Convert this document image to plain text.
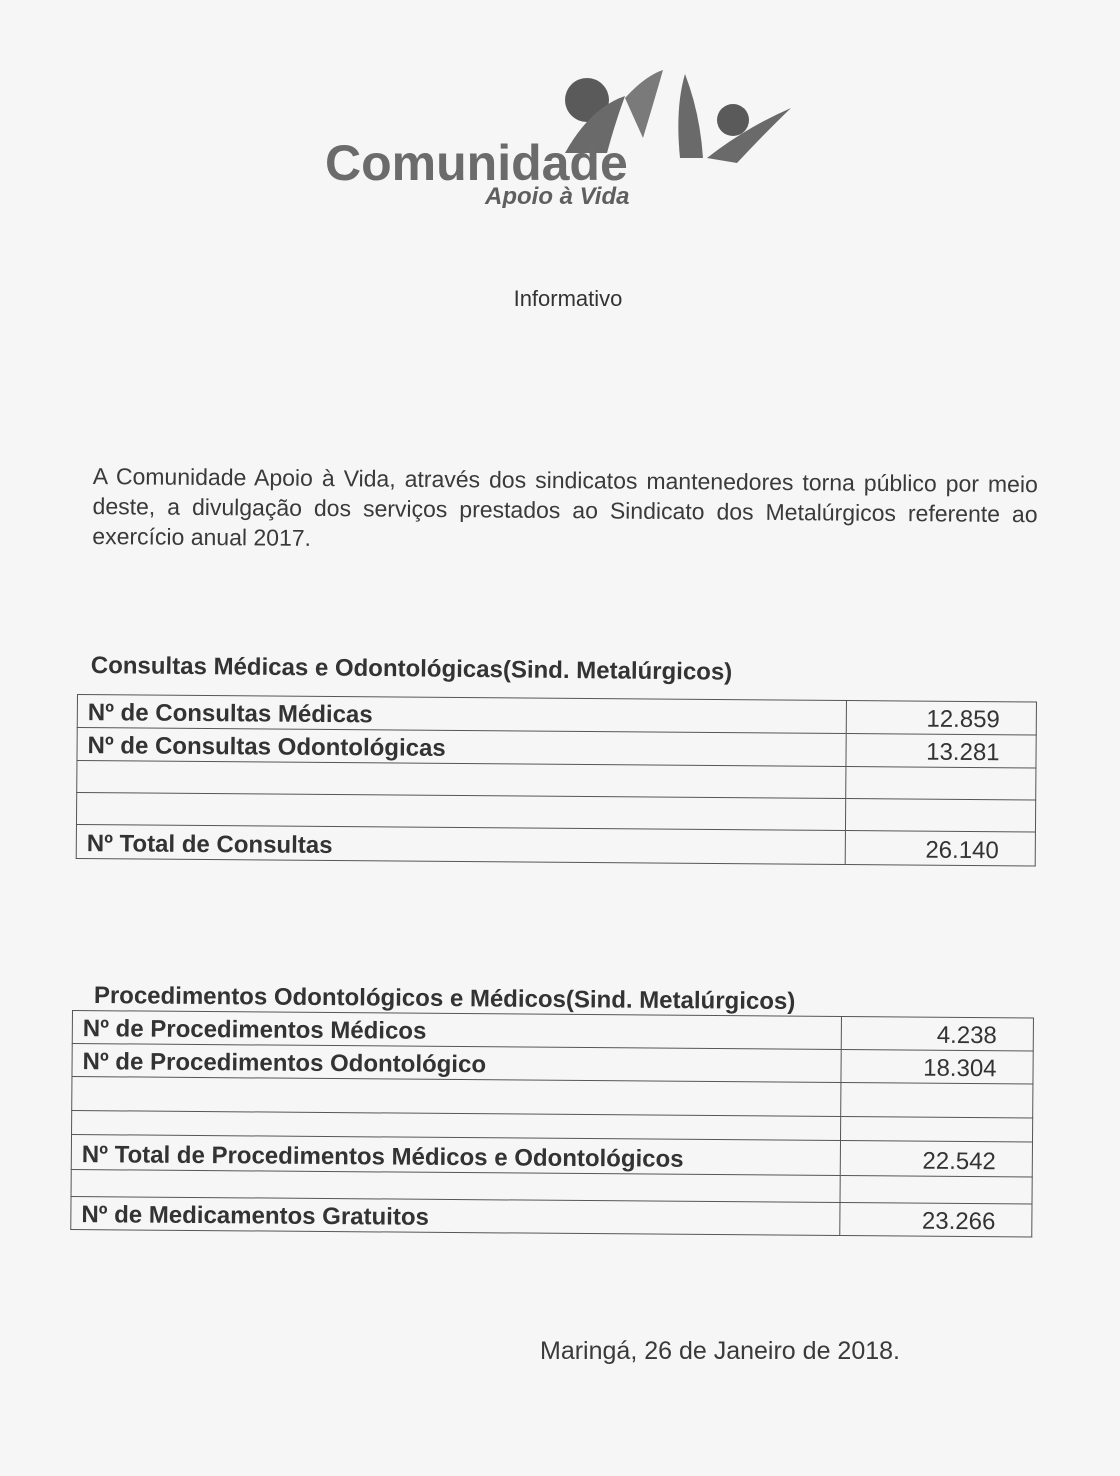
Comunidade
Apoio à Vida
Informativo

A Comunidade Apoio à Vida, através dos sindicatos mantenedores torna público por meio deste, a divulgação dos serviços prestados ao Sindicato dos Metalúrgicos referente ao exercício anual 2017.

Consultas Médicas e Odontológicas(Sind. Metalúrgicos)
Nº de Consultas Médicas	12.859
Nº de Consultas Odontológicas	13.281

Nº Total de Consultas	26.140
Procedimentos Odontológicos e Médicos(Sind. Metalúrgicos)
Nº de Procedimentos Médicos	4.238
Nº de Procedimentos Odontológico	18.304

Nº Total de Procedimentos Médicos e Odontológicos	22.542

Nº de Medicamentos Gratuitos	23.266
Maringá, 26 de Janeiro de 2018.
